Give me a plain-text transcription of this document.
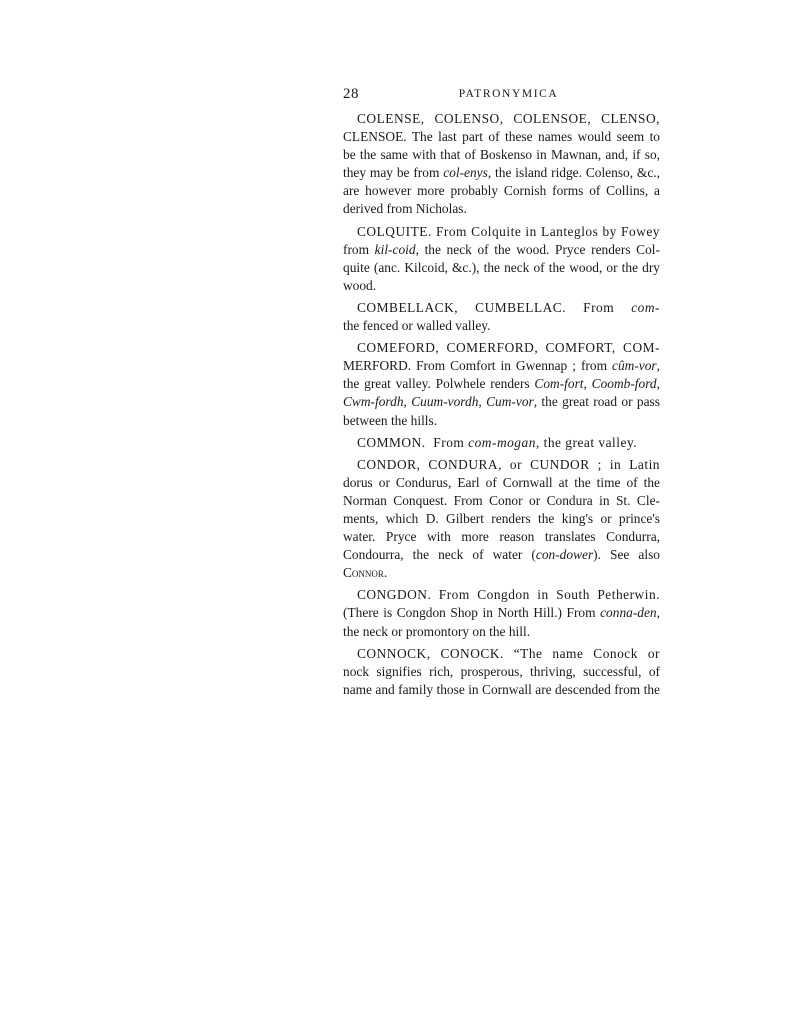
28	PATRONYMICA
COLENSE, COLENSO, COLENSOE, CLENSO,
CLENSOE. The last part of these names would seem to
be the same with that of Boskenso in Mawnan, and, if so,
they may be from col-enys, the island ridge. Colenso, &c.,
are however more probably Cornish forms of Collins, a
derived from Nicholas.
COLQUITE. From Colquite in Lanteglos by Fowey
from kil-coid, the neck of the wood. Pryce renders Col-
quite (anc. Kilcoid, &c.), the neck of the wood, or the dry
wood.
COMBELLACK, CUMBELLAC. From com-
the fenced or walled valley.
COMEFORD, COMERFORD, COMFORT, COM-
MERFORD. From Comfort in Gwennap ; from cûm-vor,
the great valley. Polwhele renders Com-fort, Coomb-ford,
Cwm-fordh, Cuum-vordh, Cum-vor, the great road or pass
between the hills.
COMMON.  From com-mogan, the great valley.
CONDOR, CONDURA, or CUNDOR ; in Latin
dorus or Condurus, Earl of Cornwall at the time of the
Norman Conquest. From Conor or Condura in St. Cle-
ments, which D. Gilbert renders the king's or prince's
water. Pryce with more reason translates Condurra,
Condourra, the neck of water (con-dower). See also
Connor.
CONGDON. From Congdon in South Petherwin.
(There is Congdon Shop in North Hill.) From conna-den,
the neck or promontory on the hill.
CONNOCK, CONOCK. “The name Conock or
nock signifies rich, prosperous, thriving, successful, of
name and family those in Cornwall are descended from the
